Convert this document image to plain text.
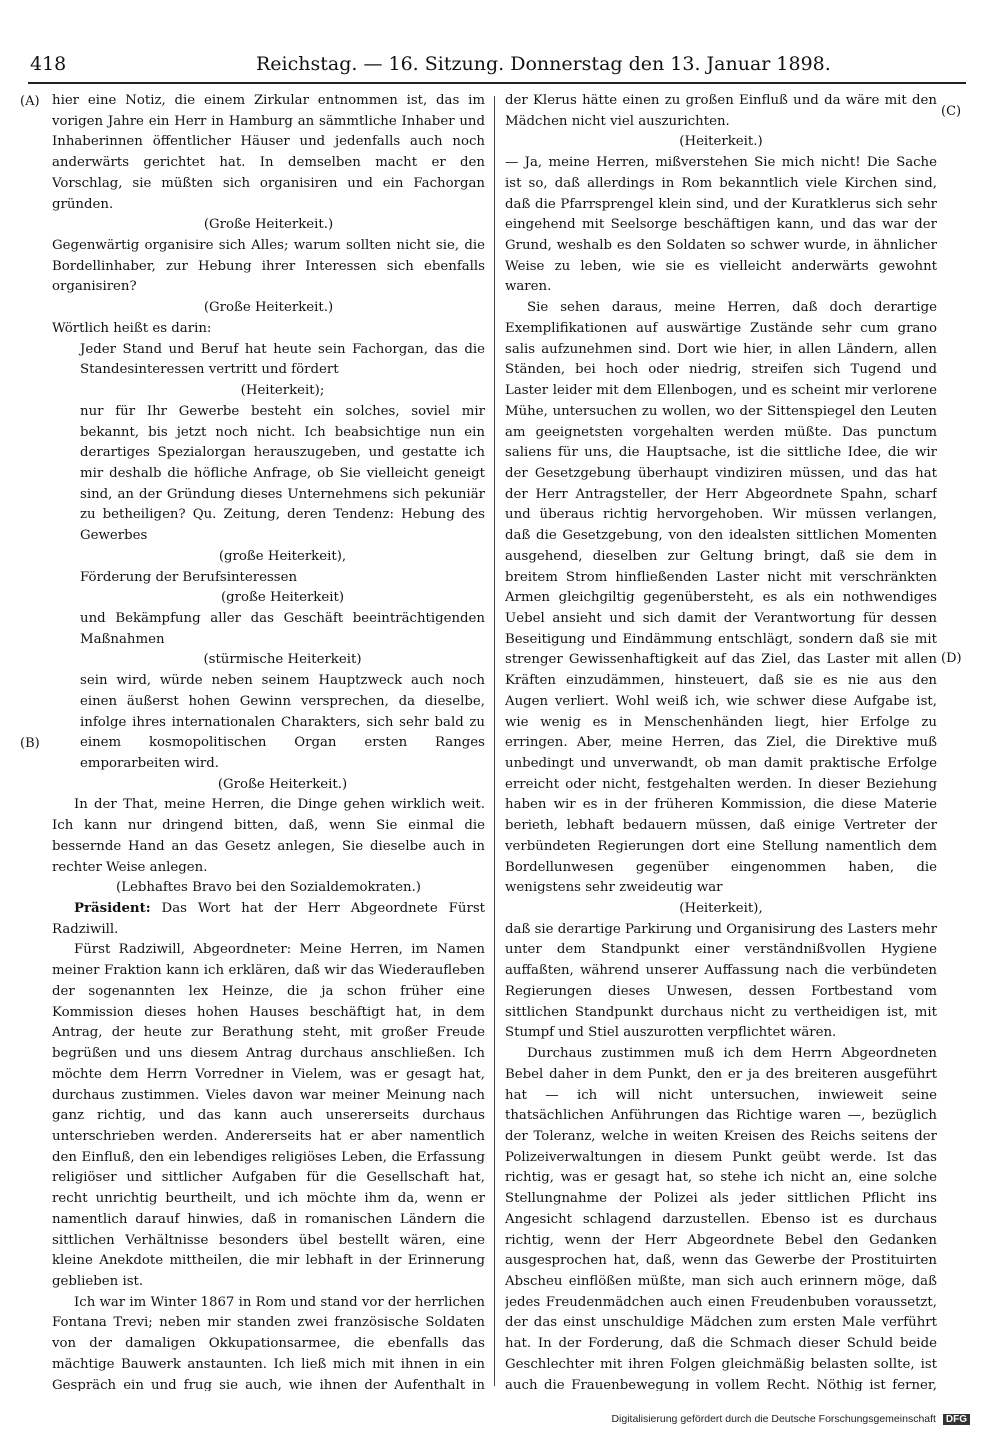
418	Reichstag. — 16. Sitzung. Donnerstag den 13. Januar 1898.
(A)
(B)
(C)
(D)

hier eine Notiz, die einem Zirkular entnommen ist, das im vorigen Jahre ein Herr in Hamburg an sämmtliche Inhaber und Inhaberinnen öffentlicher Häuser und jedenfalls auch noch anderwärts gerichtet hat. In demselben macht er den Vorschlag, sie müßten sich organisiren und ein Fachorgan gründen.

(Große Heiterkeit.)

Gegenwärtig organisire sich Alles; warum sollten nicht sie, die Bordellinhaber, zur Hebung ihrer Interessen sich ebenfalls organisiren?

(Große Heiterkeit.)

Wörtlich heißt es darin:

Jeder Stand und Beruf hat heute sein Fachorgan, das die Standesinteressen vertritt und fördert

(Heiterkeit);

nur für Ihr Gewerbe besteht ein solches, soviel mir bekannt, bis jetzt noch nicht. Ich beabsichtige nun ein derartiges Spezialorgan herauszugeben, und gestatte ich mir deshalb die höfliche Anfrage, ob Sie vielleicht geneigt sind, an der Gründung dieses Unternehmens sich pekuniär zu betheiligen? Qu. Zeitung, deren Tendenz: Hebung des Gewerbes

(große Heiterkeit),

Förderung der Berufsinteressen

(große Heiterkeit)

und Bekämpfung aller das Geschäft beeinträchtigenden Maßnahmen

(stürmische Heiterkeit)

sein wird, würde neben seinem Hauptzweck auch noch einen äußerst hohen Gewinn versprechen, da dieselbe, infolge ihres internationalen Charakters, sich sehr bald zu einem kosmopolitischen Organ ersten Ranges emporarbeiten wird.

(Große Heiterkeit.)

In der That, meine Herren, die Dinge gehen wirklich weit. Ich kann nur dringend bitten, daß, wenn Sie einmal die bessernde Hand an das Gesetz anlegen, Sie dieselbe auch in rechter Weise anlegen.

(Lebhaftes Bravo bei den Sozialdemokraten.)

Präsident: Das Wort hat der Herr Abgeordnete Fürst Radziwill.

Fürst Radziwill, Abgeordneter: Meine Herren, im Namen meiner Fraktion kann ich erklären, daß wir das Wiederaufleben der sogenannten lex Heinze, die ja schon früher eine Kommission dieses hohen Hauses beschäftigt hat, in dem Antrag, der heute zur Berathung steht, mit großer Freude begrüßen und uns diesem Antrag durchaus anschließen. Ich möchte dem Herrn Vorredner in Vielem, was er gesagt hat, durchaus zustimmen. Vieles davon war meiner Meinung nach ganz richtig, und das kann auch unsererseits durchaus unterschrieben werden. Andererseits hat er aber namentlich den Einfluß, den ein lebendiges religiöses Leben, die Erfassung religiöser und sittlicher Aufgaben für die Gesellschaft hat, recht unrichtig beurtheilt, und ich möchte ihm da, wenn er namentlich darauf hinwies, daß in romanischen Ländern die sittlichen Verhältnisse besonders übel bestellt wären, eine kleine Anekdote mittheilen, die mir lebhaft in der Erinnerung geblieben ist.

Ich war im Winter 1867 in Rom und stand vor der herrlichen Fontana Trevi; neben mir standen zwei französische Soldaten von der damaligen Okkupationsarmee, die ebenfalls das mächtige Bauwerk anstaunten. Ich ließ mich mit ihnen in ein Gespräch ein und frug sie auch, wie ihnen der Aufenthalt in

der Klerus hätte einen zu großen Einfluß und da wäre mit den Mädchen nicht viel auszurichten.

(Heiterkeit.)

— Ja, meine Herren, mißverstehen Sie mich nicht! Die Sache ist so, daß allerdings in Rom bekanntlich viele Kirchen sind, daß die Pfarrsprengel klein sind, und der Kuratklerus sich sehr eingehend mit Seelsorge beschäftigen kann, und das war der Grund, weshalb es den Soldaten so schwer wurde, in ähnlicher Weise zu leben, wie sie es vielleicht anderwärts gewohnt waren.

Sie sehen daraus, meine Herren, daß doch derartige Exemplifikationen auf auswärtige Zustände sehr cum grano salis aufzunehmen sind. Dort wie hier, in allen Ländern, allen Ständen, bei hoch oder niedrig, streifen sich Tugend und Laster leider mit dem Ellenbogen, und es scheint mir verlorene Mühe, untersuchen zu wollen, wo der Sittenspiegel den Leuten am geeignetsten vorgehalten werden müßte. Das punctum saliens für uns, die Hauptsache, ist die sittliche Idee, die wir der Gesetzgebung überhaupt vindiziren müssen, und das hat der Herr Antragsteller, der Herr Abgeordnete Spahn, scharf und überaus richtig hervorgehoben. Wir müssen verlangen, daß die Gesetzgebung, von den idealsten sittlichen Momenten ausgehend, dieselben zur Geltung bringt, daß sie dem in breitem Strom hinfließenden Laster nicht mit verschränkten Armen gleichgiltig gegenübersteht, es als ein nothwendiges Uebel ansieht und sich damit der Verantwortung für dessen Beseitigung und Eindämmung entschlägt, sondern daß sie mit strenger Gewissenhaftigkeit auf das Ziel, das Laster mit allen Kräften einzudämmen, hinsteuert, daß sie es nie aus den Augen verliert. Wohl weiß ich, wie schwer diese Aufgabe ist, wie wenig es in Menschenhänden liegt, hier Erfolge zu erringen. Aber, meine Herren, das Ziel, die Direktive muß unbedingt und unverwandt, ob man damit praktische Erfolge erreicht oder nicht, festgehalten werden. In dieser Beziehung haben wir es in der früheren Kommission, die diese Materie berieth, lebhaft bedauern müssen, daß einige Vertreter der verbündeten Regierungen dort eine Stellung namentlich dem Bordellunwesen gegenüber eingenommen haben, die wenigstens sehr zweideutig war

(Heiterkeit),

daß sie derartige Parkirung und Organisirung des Lasters mehr unter dem Standpunkt einer verständnißvollen Hygiene auffaßten, während unserer Auffassung nach die verbündeten Regierungen dieses Unwesen, dessen Fortbestand vom sittlichen Standpunkt durchaus nicht zu vertheidigen ist, mit Stumpf und Stiel auszurotten verpflichtet wären.

Durchaus zustimmen muß ich dem Herrn Abgeordneten Bebel daher in dem Punkt, den er ja des breiteren ausgeführt hat — ich will nicht untersuchen, inwieweit seine thatsächlichen Anführungen das Richtige waren —, bezüglich der Toleranz, welche in weiten Kreisen des Reichs seitens der Polizeiverwaltungen in diesem Punkt geübt werde. Ist das richtig, was er gesagt hat, so stehe ich nicht an, eine solche Stellungnahme der Polizei als jeder sittlichen Pflicht ins Angesicht schlagend darzustellen. Ebenso ist es durchaus richtig, wenn der Herr Abgeordnete Bebel den Gedanken ausgesprochen hat, daß, wenn das Gewerbe der Prostituirten Abscheu einflößen müßte, man sich auch erinnern möge, daß jedes Freudenmädchen auch einen Freudenbuben voraussetzt, der das einst unschuldige Mädchen zum ersten Male verführt hat. In der Forderung, daß die Schmach dieser Schuld beide Geschlechter mit ihren Folgen gleichmäßig belasten sollte, ist auch die Frauenbewegung in vollem Recht. Nöthig ist ferner,

Digitalisierung gefördert durch die Deutsche Forschungsgemeinschaft DFG
